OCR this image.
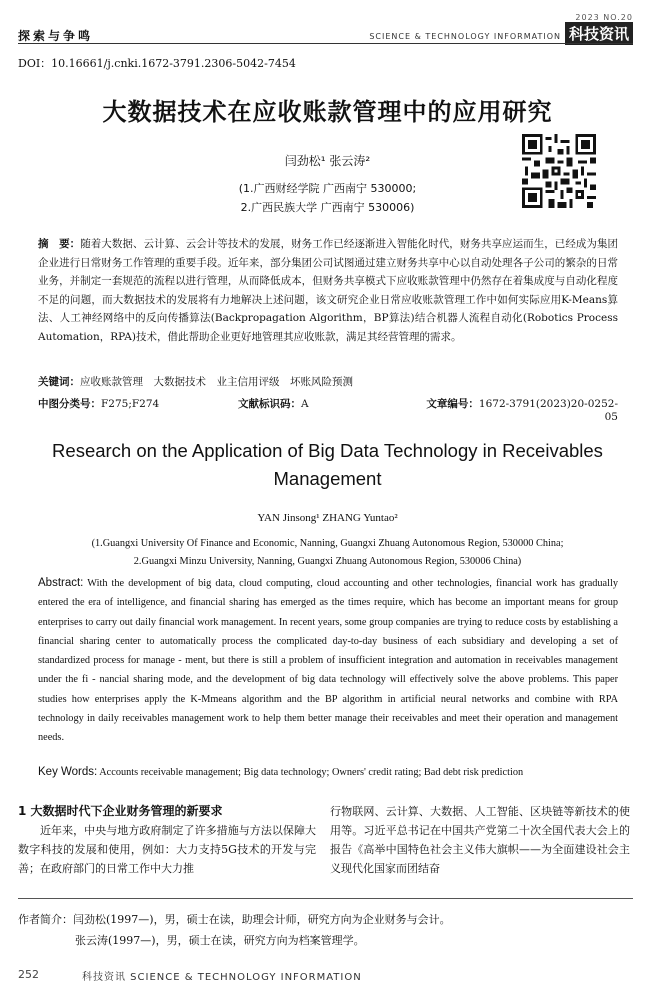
探索与争鸣
2023 NO.20
SCIENCE & TECHNOLOGY INFORMATION 科技资讯
DOI：10.16661/j.cnki.1672-3791.2306-5042-7454
大数据技术在应收账款管理中的应用研究
闫劲松¹ 张云涛²
(1.广西财经学院 广西南宁 530000;
2.广西民族大学 广西南宁 530006)
摘　要：随着大数据、云计算、云会计等技术的发展，财务工作已经逐渐进入智能化时代，财务共享应运而生，已经成为集团企业进行日常财务工作管理的重要手段。近年来，部分集团公司试图通过建立财务共享中心以自动处理各子公司的繁杂的日常业务，并制定一套规范的流程以进行管理，从而降低成本，但财务共享模式下应收账款管理中仍然存在着集成度与自动化程度不足的问题，而大数据技术的发展将有力地解决上述问题，该文研究企业日常应收账款管理工作中如何实际应用K-Means算法、人工神经网络中的反向传播算法(Backpropagation Algorithm，BP算法)结合机器人流程自动化(Robotics Process Automation，RPA)技术，借此帮助企业更好地管理其应收账款，满足其经营管理的需求。
关键词：应收账款管理　大数据技术　业主信用评级　坏账风险预测
中图分类号：F275;F274	文献标识码：A	文章编号：1672-3791(2023)20-0252-05
Research on the Application of Big Data Technology in Receivables Management
YAN Jinsong¹ ZHANG Yuntao²
(1.Guangxi University Of Finance and Economic, Nanning, Guangxi Zhuang Autonomous Region, 530000 China;
2.Guangxi Minzu University, Nanning, Guangxi Zhuang Autonomous Region, 530006 China)
Abstract: With the development of big data, cloud computing, cloud accounting and other technologies, financial work has gradually entered the era of intelligence, and financial sharing has emerged as the times require, which has become an important means for group enterprises to carry out daily financial work management. In recent years, some group companies are trying to reduce costs by establishing a financial sharing center to automatically process the complicated day-to-day business of each subsidiary and developing a set of standardized process for manage - ment, but there is still a problem of insufficient integration and automation in receivables management under the fi - nancial sharing mode, and the development of big data technology will effectively solve the above problems. This paper studies how enterprises apply the K-Mmeans algorithm and the BP algorithm in artificial neural networks and combine with RPA technology in daily receivables management work to help them better manage their receivables and meet their operation and management needs.
Key Words: Accounts receivable management; Big data technology; Owners' credit rating; Bad debt risk prediction
1 大数据时代下企业财务管理的新要求
近年来，中央与地方政府制定了许多措施与方法以保障大数字科技的发展和使用，例如：大力支持5G技术的开发与完善；在政府部门的日常工作中大力推
行物联网、云计算、大数据、人工智能、区块链等新技术的使用等。习近平总书记在中国共产党第二十次全国代表大会上的报告《高举中国特色社会主义伟大旗帜——为全面建设社会主义现代化国家而团结奋
作者简介：闫劲松(1997—)，男，硕士在读，助理会计师，研究方向为企业财务与会计。
张云涛(1997—)，男，硕士在读，研究方向为档案管理学。
252	科技资讯 SCIENCE & TECHNOLOGY INFORMATION
